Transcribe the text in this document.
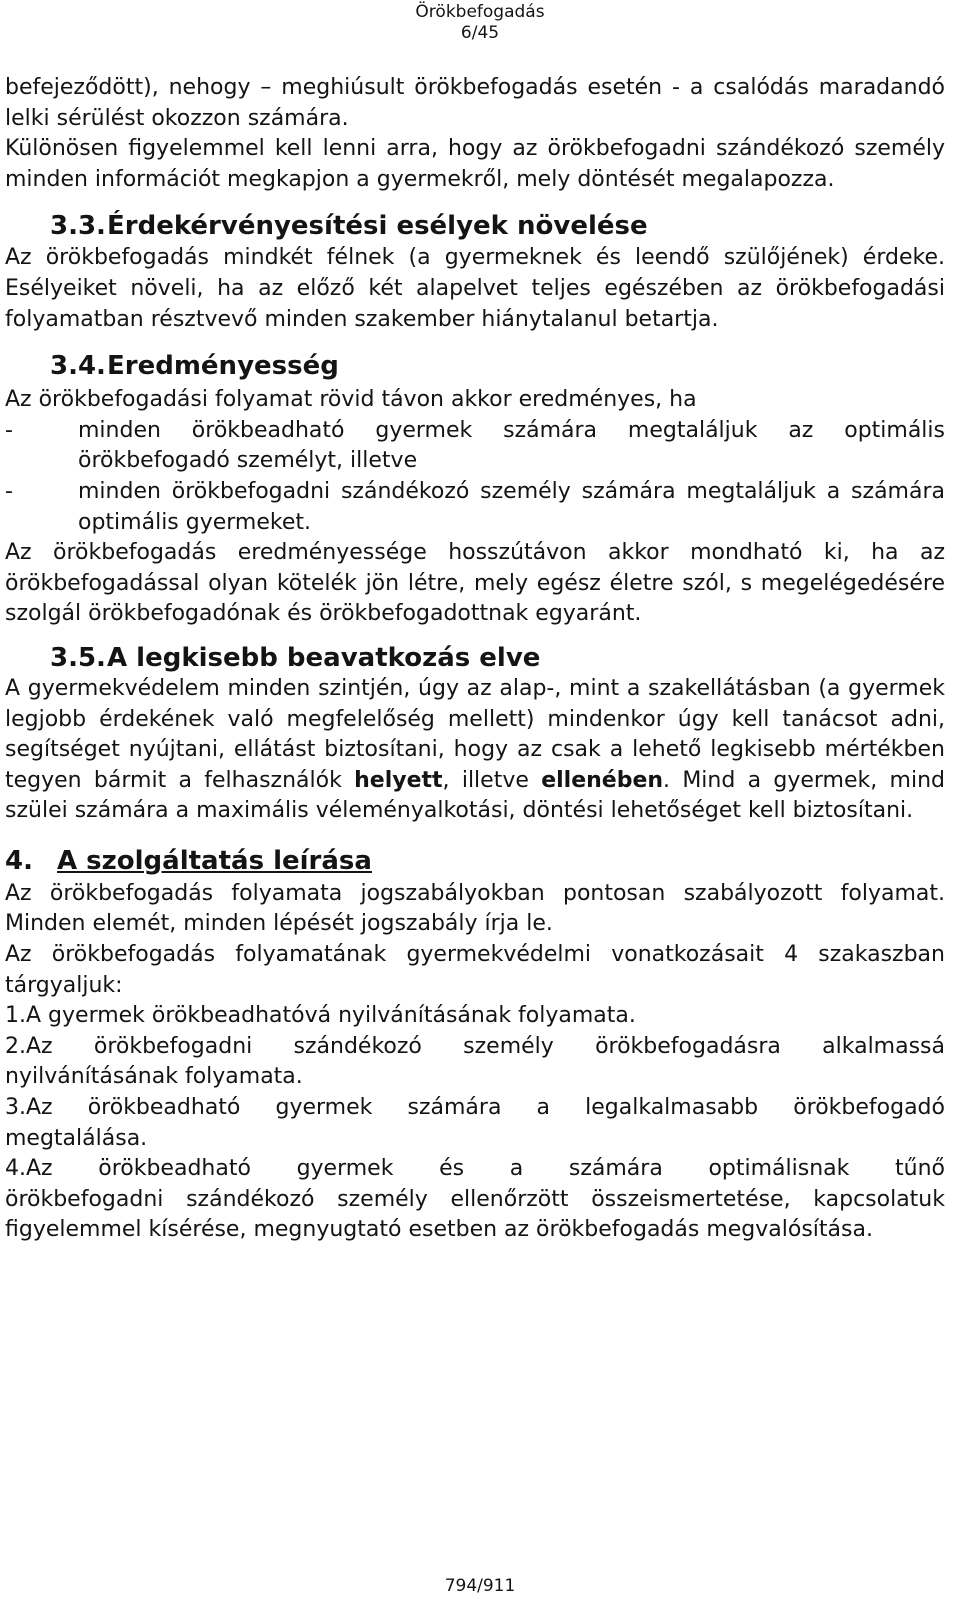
Örökbefogadás
6/45

befejeződött), nehogy – meghiúsult örökbefogadás esetén - a csalódás maradandó lelki sérülést okozzon számára.

Különösen figyelemmel kell lenni arra, hogy az örökbefogadni szándékozó személy minden információt megkapjon a gyermekről, mely döntését megalapozza.

3.3.Érdekérvényesítési esélyek növelése

Az örökbefogadás mindkét félnek (a gyermeknek és leendő szülőjének) érdeke. Esélyeiket növeli, ha az előző két alapelvet teljes egészében az örökbefogadási folyamatban résztvevő minden szakember hiánytalanul betartja.

3.4.Eredményesség

Az örökbefogadási folyamat rövid távon akkor eredményes, ha

-	minden örökbeadható gyermek számára megtaláljuk az optimális örökbefogadó személyt, illetve
-	minden örökbefogadni szándékozó személy számára megtaláljuk a számára optimális gyermeket.

Az örökbefogadás eredményessége hosszútávon akkor mondható ki, ha az örökbefogadással olyan kötelék jön létre, mely egész életre szól, s megelégedésére szolgál örökbefogadónak és örökbefogadottnak egyaránt.

3.5.A legkisebb beavatkozás elve

A gyermekvédelem minden szintjén, úgy az alap-, mint a szakellátásban (a gyermek legjobb érdekének való megfelelőség mellett) mindenkor úgy kell tanácsot adni, segítséget nyújtani, ellátást biztosítani, hogy az csak a lehető legkisebb mértékben tegyen bármit a felhasználók helyett, illetve ellenében. Mind a gyermek, mind szülei számára a maximális véleményalkotási, döntési lehetőséget kell biztosítani.

4. A szolgáltatás leírása

Az örökbefogadás folyamata jogszabályokban pontosan szabályozott folyamat. Minden elemét, minden lépését jogszabály írja le.

Az örökbefogadás folyamatának gyermekvédelmi vonatkozásait 4 szakaszban tárgyaljuk:

1. A gyermek örökbeadhatóvá nyilvánításának folyamata.
2. Az örökbefogadni szándékozó személy örökbefogadásra alkalmassá
nyilvánításának folyamata.
3. Az örökbeadható gyermek számára a legalkalmasabb örökbefogadó
megtalálása.
4. Az örökbeadható gyermek és a számára optimálisnak tűnő
örökbefogadni szándékozó személy ellenőrzött összeismertetése, kapcsolatuk figyelemmel kísérése, megnyugtató esetben az örökbefogadás megvalósítása.
794/911
